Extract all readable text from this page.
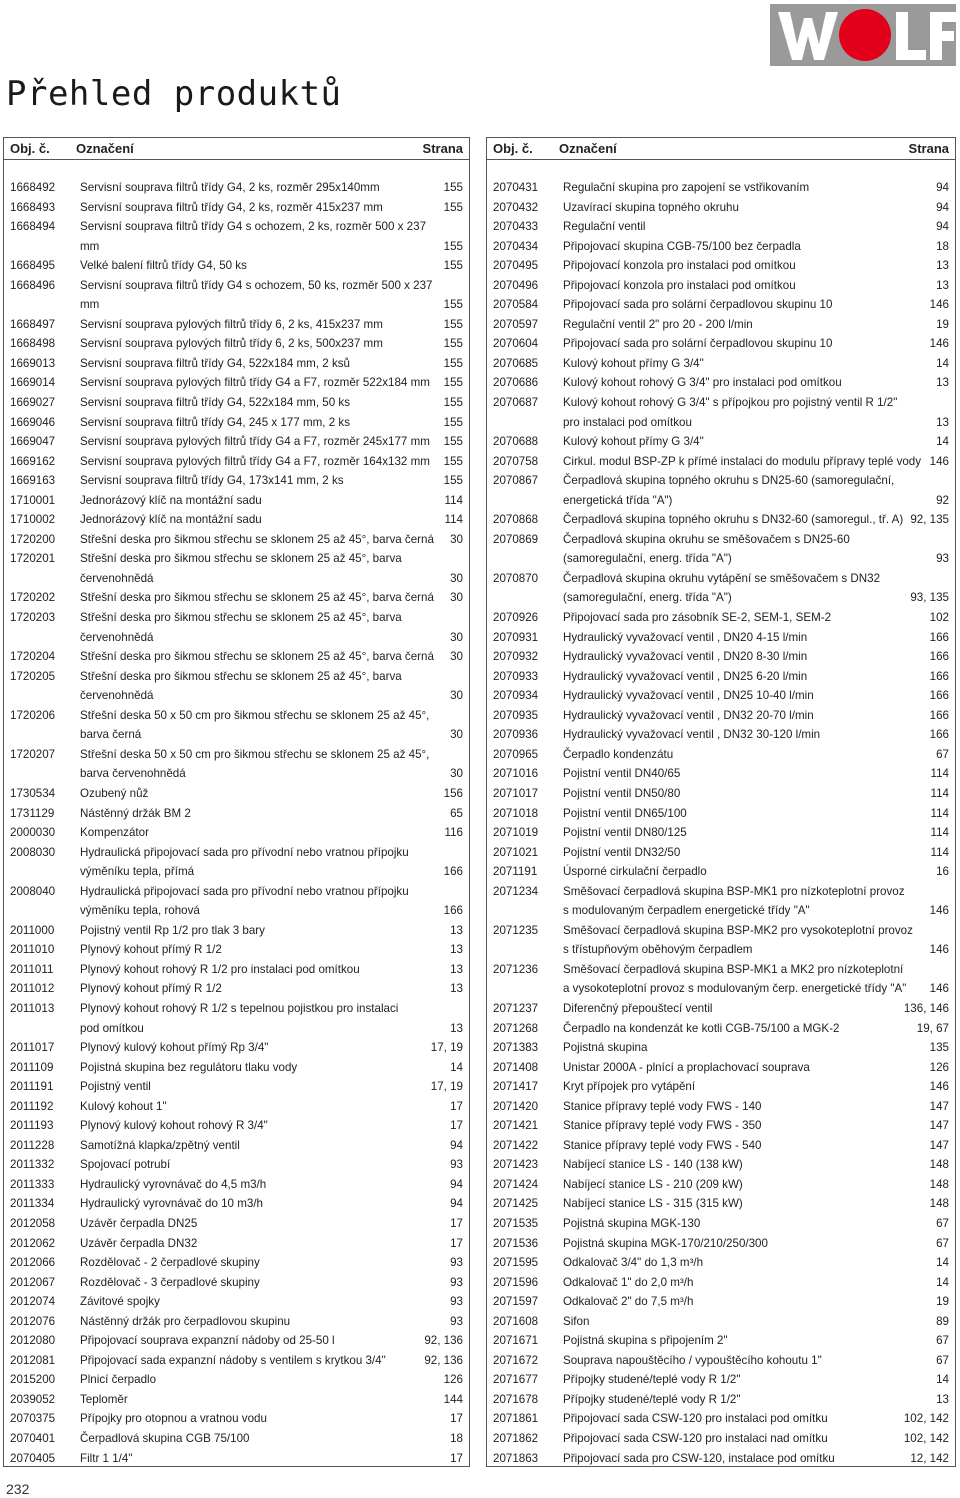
Přehled produktů
Obj. č.	Označení	Strana
1668492	Servisní souprava filtrů třídy G4, 2 ks, rozměr 295x140mm	155
1668493	Servisní souprava filtrů třídy G4, 2 ks, rozměr 415x237 mm	155
1668494	Servisní souprava filtrů třídy G4 s ochozem, 2 ks, rozměr 500 x 237 mm	155
1668495	Velké balení filtrů třídy G4, 50 ks	155
1668496	Servisní souprava filtrů třídy G4 s ochozem, 50 ks, rozměr 500 x 237 mm	155
1668497	Servisní souprava pylových filtrů třídy 6, 2 ks, 415x237 mm	155
1668498	Servisní souprava pylových filtrů třídy 6, 2 ks, 500x237 mm	155
1669013	Servisní souprava filtrů třídy G4, 522x184 mm, 2 ksů	155
1669014	Servisní souprava pylových filtrů třídy G4 a F7, rozměr 522x184 mm	155
1669027	Servisní souprava filtrů třídy G4, 522x184 mm, 50 ks	155
1669046	Servisní souprava filtrů třídy G4, 245 x 177 mm, 2 ks	155
1669047	Servisní souprava pylových filtrů třídy G4 a F7, rozměr 245x177 mm	155
1669162	Servisní souprava pylových filtrů třídy G4 a F7, rozměr 164x132 mm	155
1669163	Servisní souprava filtrů třídy G4, 173x141 mm, 2 ks	155
1710001	Jednorázový klíč na montážní sadu	114
1710002	Jednorázový klíč na montážní sadu	114
1720200	Střešní deska pro šikmou střechu se sklonem 25 až 45°, barva černá	30
1720201	Střešní deska pro šikmou střechu se sklonem 25 až 45°, barva
červenohnědá	30
1720202	Střešní deska pro šikmou střechu se sklonem 25 až 45°, barva černá	30
1720203	Střešní deska pro šikmou střechu se sklonem 25 až 45°, barva
červenohnědá	30
1720204	Střešní deska pro šikmou střechu se sklonem 25 až 45°, barva černá	30
1720205	Střešní deska pro šikmou střechu se sklonem 25 až 45°, barva
červenohnědá	30
1720206	Střešní deska 50 x 50 cm pro šikmou střechu se sklonem 25 až 45°,
barva černá	30
1720207	Střešní deska 50 x 50 cm pro šikmou střechu se sklonem 25 až 45°,
barva červenohnědá	30
1730534	Ozubený nůž	156
1731129	Nástěnný držák BM 2	65
2000030	Kompenzátor	116
2008030	Hydraulická připojovací sada pro přívodní nebo vratnou přípojku
výměníku tepla, přímá	166
2008040	Hydraulická připojovací sada pro přívodní nebo vratnou přípojku
výměníku tepla, rohová	166
2011000	Pojistný ventil Rp 1/2 pro tlak 3 bary	13
2011010	Plynový kohout přímý R 1/2	13
2011011	Plynový kohout rohový R 1/2 pro instalaci pod omítkou	13
2011012	Plynový kohout přímý R 1/2	13
2011013	Plynový kohout rohový R 1/2 s tepelnou pojistkou pro instalaci
pod omítkou	13
2011017	Plynový kulový kohout přímý Rp 3/4"	17, 19
2011109	Pojistná skupina bez regulátoru tlaku vody	14
2011191	Pojistný ventil	17, 19
2011192	Kulový kohout 1"	17
2011193	Plynový kulový kohout rohový R 3/4"	17
2011228	Samotížná klapka/zpětný ventil	94
2011332	Spojovací potrubí	93
2011333	Hydraulický vyrovnávač do 4,5 m3/h	94
2011334	Hydraulický vyrovnávač do 10 m3/h	94
2012058	Uzávěr čerpadla DN25	17
2012062	Uzávěr čerpadla DN32	17
2012066	Rozdělovač - 2 čerpadlové skupiny	93
2012067	Rozdělovač - 3 čerpadlové skupiny	93
2012074	Závitové spojky	93
2012076	Nástěnný držák pro čerpadlovou skupinu	93
2012080	Připojovací souprava expanzní nádoby od 25-50 l	92, 136
2012081	Připojovací sada expanzní nádoby s ventilem s krytkou 3/4"	92, 136
2015200	Plnicí čerpadlo	126
2039052	Teploměr	144
2070375	Přípojky pro otopnou a vratnou vodu	17
2070401	Čerpadlová skupina CGB 75/100	18
2070405	Filtr 1 1/4"	17
Obj. č.	Označení	Strana
2070431	Regulační skupina pro zapojení se vstřikovaním	94
2070432	Uzavírací skupina topného okruhu	94
2070433	Regulační ventil	94
2070434	Připojovací skupina CGB-75/100 bez čerpadla	18
2070495	Připojovací konzola pro instalaci pod omítkou	13
2070496	Připojovací konzola pro instalaci pod omítkou	13
2070584	Připojovací sada pro solární čerpadlovou skupinu 10	146
2070597	Regulační ventil 2" pro 20 - 200 l/min	19
2070604	Připojovací sada pro solární čerpadlovou skupinu 10	146
2070685	Kulový kohout přímy G 3/4"	14
2070686	Kulový kohout rohový G 3/4" pro instalaci pod omítkou	13
2070687	Kulový kohout rohový G 3/4" s přípojkou pro pojistný ventil R 1/2"
pro instalaci pod omítkou	13
2070688	Kulový kohout přímy G 3/4"	14
2070758	Cirkul. modul BSP-ZP k přímé instalaci do modulu přípravy teplé vody 146
2070867	Čerpadlová skupina topného okruhu s DN25-60 (samoregulační,
energetická třída "A")	92
2070868	Čerpadlová skupina topného okruhu s DN32-60 (samoregul., tř. A) 92, 135
2070869	Čerpadlová skupina okruhu se směšovačem s DN25-60
(samoregulační, energ. třída "A")	93
2070870	Čerpadlová skupina okruhu vytápění se směšovačem s DN32
(samoregulační, energ. třída "A")	93, 135
2070926	Připojovací sada pro zásobník SE-2, SEM-1, SEM-2	102
2070931	Hydraulický vyvažovací ventil , DN20 4-15 l/min	166
2070932	Hydraulický vyvažovací ventil , DN20 8-30 l/min	166
2070933	Hydraulický vyvažovací ventil , DN25 6-20 l/min	166
2070934	Hydraulický vyvažovací ventil , DN25 10-40 l/min	166
2070935	Hydraulický vyvažovací ventil , DN32 20-70 l/min	166
2070936	Hydraulický vyvažovací ventil , DN32 30-120 l/min	166
2070965	Čerpadlo kondenzátu	67
2071016	Pojistní ventil DN40/65	114
2071017	Pojistní ventil DN50/80	114
2071018	Pojistní ventil DN65/100	114
2071019	Pojistní ventil DN80/125	114
2071021	Pojistní ventil DN32/50	114
2071191	Úsporné cirkulační čerpadlo	16
2071234	Směšovací čerpadlová skupina BSP-MK1 pro nízkoteplotní provoz
s modulovaným čerpadlem energetické třídy "A"	146
2071235	Směšovací čerpadlová skupina BSP-MK2 pro vysokoteplotní provoz
s třístupňovým oběhovým čerpadlem	146
2071236	Směšovací čerpadlová skupina BSP-MK1 a MK2 pro nízkoteplotní
a vysokoteplotní provoz s modulovaným čerp. energetické třídy "A"	146
2071237	Diferenčný přepouštecí ventil	136, 146
2071268	Čerpadlo na kondenzát ke kotli CGB-75/100 a MGK-2	19, 67
2071383	Pojistná skupina	135
2071408	Unistar 2000A - plnící a proplachovací souprava	126
2071417	Kryt přípojek pro vytápění	146
2071420	Stanice přípravy teplé vody FWS - 140	147
2071421	Stanice přípravy teplé vody FWS - 350	147
2071422	Stanice přípravy teplé vody FWS - 540	147
2071423	Nabíjecí stanice LS - 140 (138 kW)	148
2071424	Nabíjecí stanice LS - 210 (209 kW)	148
2071425	Nabíjecí stanice LS - 315 (315 kW)	148
2071535	Pojistná skupina MGK-130	67
2071536	Pojistná skupina MGK-170/210/250/300	67
2071595	Odkalovač 3/4" do 1,3 m³/h	14
2071596	Odkalovač 1" do 2,0 m³/h	14
2071597	Odkalovač 2" do 7,5 m³/h	19
2071608	Sifon	89
2071671	Pojistná skupina s připojením 2"	67
2071672	Souprava napouštěcího / vypouštěcího kohoutu 1"	67
2071677	Přípojky studené/teplé vody R 1/2"	14
2071678	Přípojky studené/teplé vody R 1/2"	13
2071861	Připojovací sada CSW-120 pro instalaci pod omítku	102, 142
2071862	Připojovací sada CSW-120 pro instalaci nad omítku	102, 142
2071863	Připojovací sada pro CSW-120, instalace pod omítku	12, 142
232
